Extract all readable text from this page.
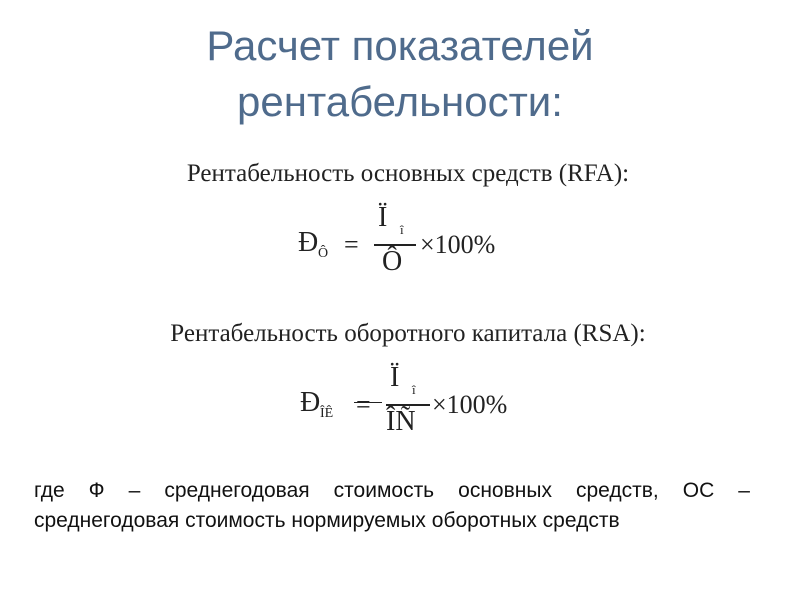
Расчет показателей
рентабельности:
Рентабельность основных средств (RFA):
Ð Ô =
Ï î
Ô
×100%
Рентабельность оборотного капитала (RSA):
Ð ÎÊ =
Ï î
ÎÑ
×100%
где Ф – среднегодовая стоимость основных средств, ОС – среднегодовая стоимость нормируемых оборотных средств
